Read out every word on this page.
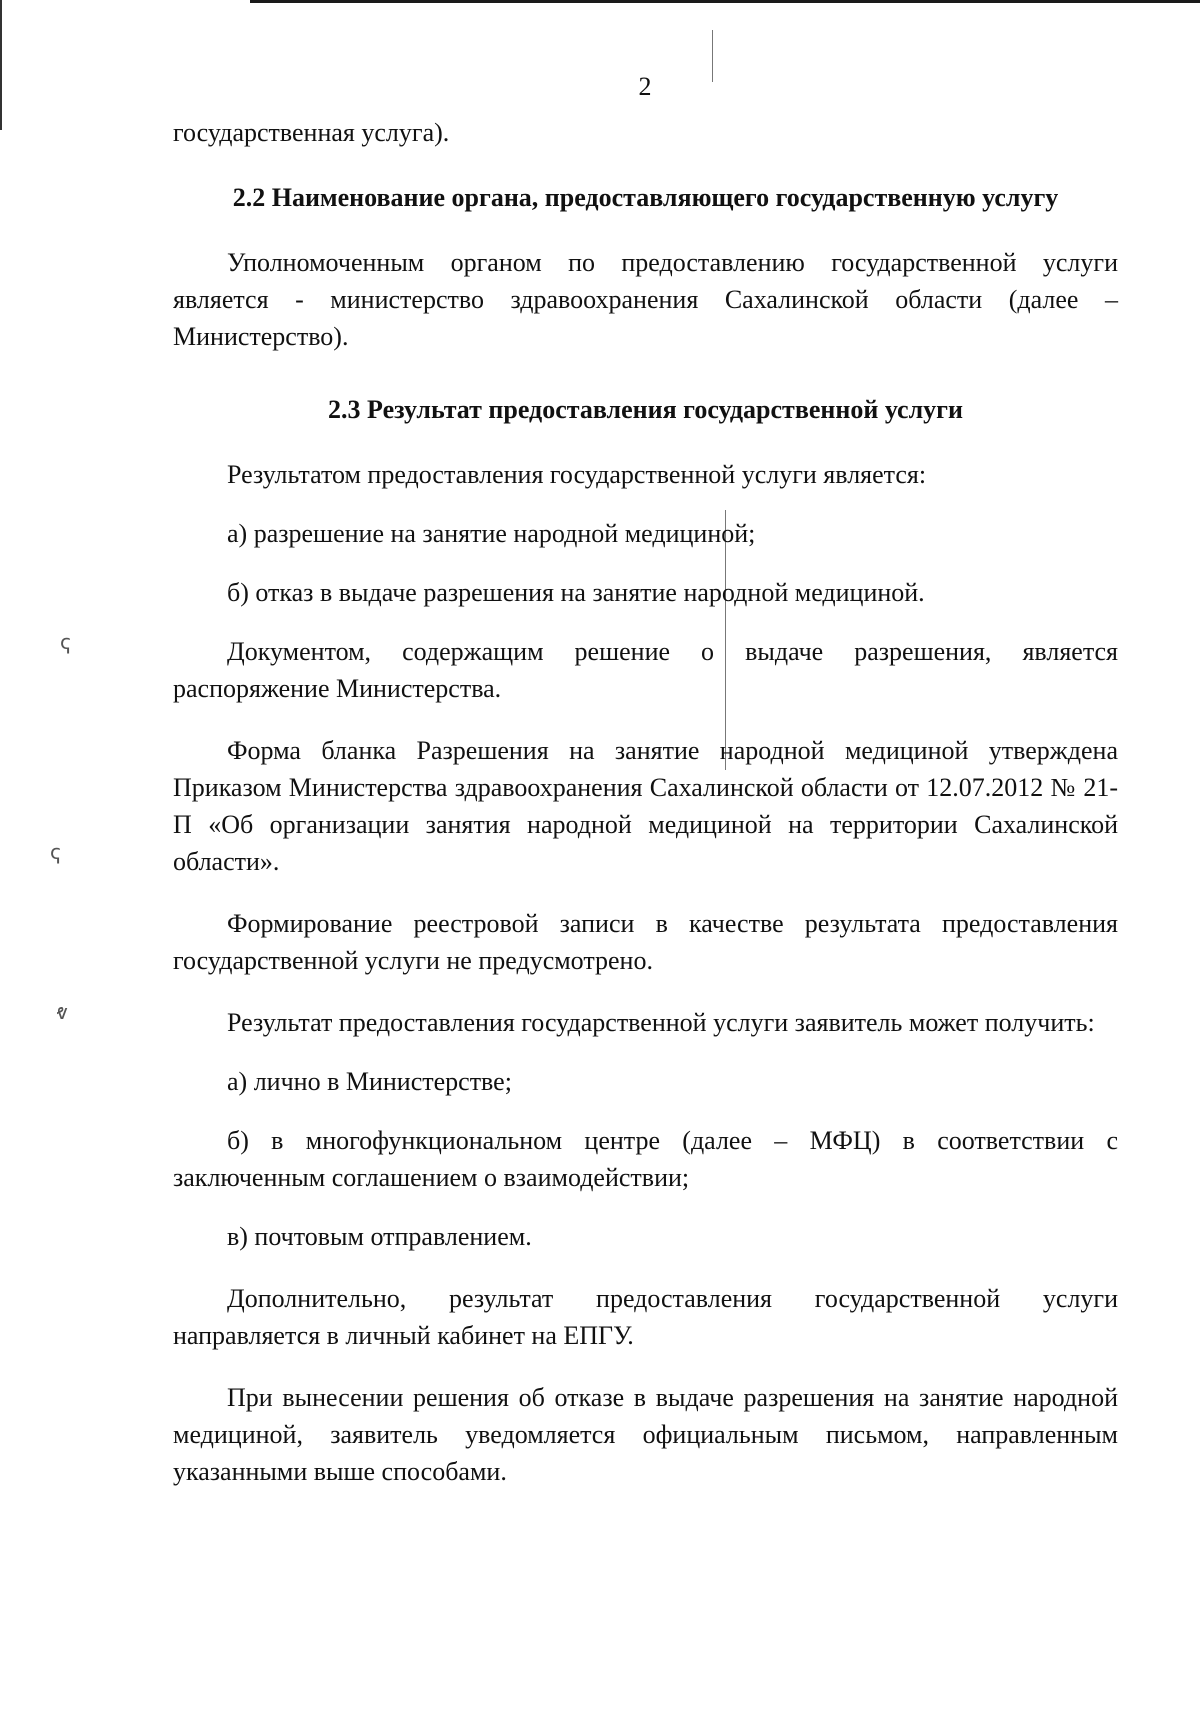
ҁ
ҁ
ⱴ
2

государственная услуга).

2.2 Наименование органа, предоставляющего государственную услугу

Уполномоченным органом по предоставлению государственной услуги является - министерство здравоохранения Сахалинской области (далее – Министерство).

2.3 Результат предоставления государственной услуги

Результатом предоставления государственной услуги является:

а) разрешение на занятие народной медициной;

б) отказ в выдаче разрешения на занятие народной медициной.

Документом, содержащим решение о выдаче разрешения, является распоряжение Министерства.

Форма бланка Разрешения на занятие народной медициной утверждена Приказом Министерства здравоохранения Сахалинской области от 12.07.2012 № 21-П «Об организации занятия народной медициной на территории Сахалинской области».

Формирование реестровой записи в качестве результата предоставления государственной услуги не предусмотрено.

Результат предоставления государственной услуги заявитель может получить:

а) лично в Министерстве;

б) в многофункциональном центре (далее – МФЦ) в соответствии с заключенным соглашением о взаимодействии;

в) почтовым отправлением.

Дополнительно, результат предоставления государственной услуги направляется в личный кабинет на ЕПГУ.

При вынесении решения об отказе в выдаче разрешения на занятие народной медициной, заявитель уведомляется официальным письмом, направленным указанными выше способами.
